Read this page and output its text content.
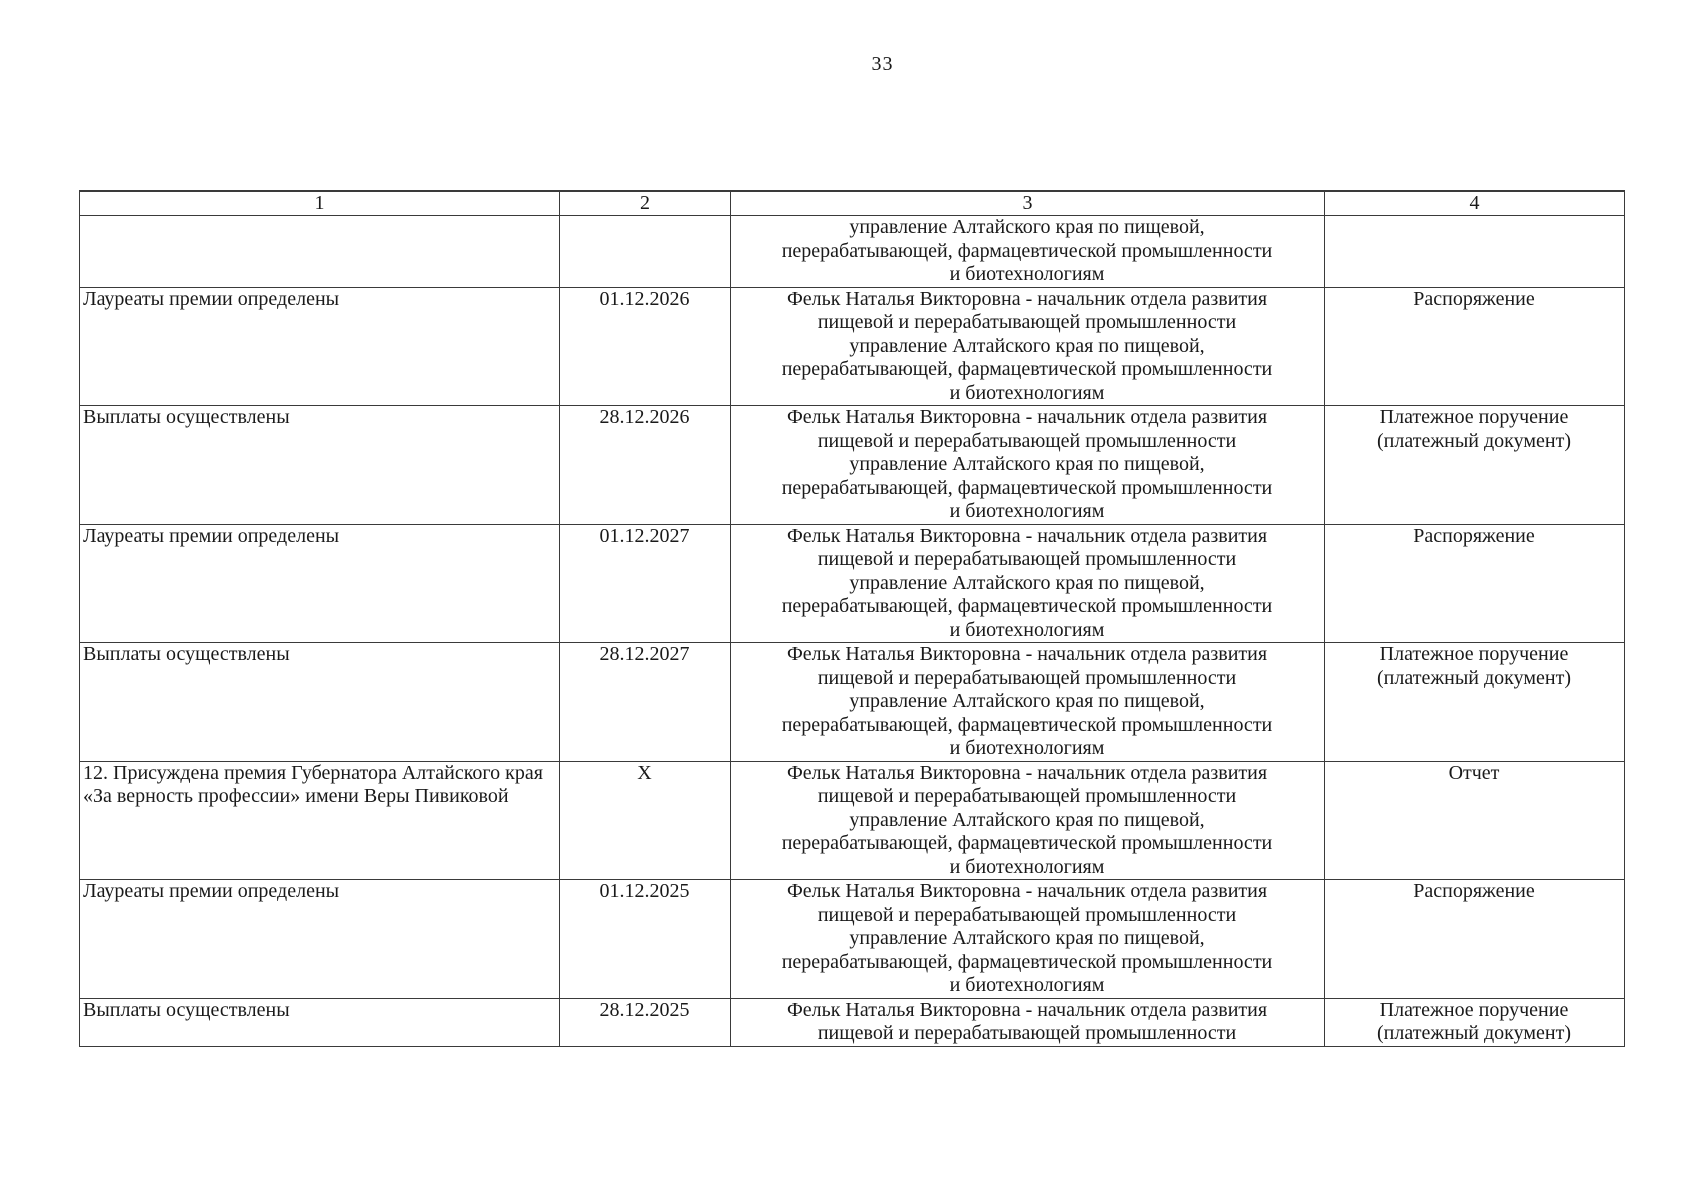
33
1	2	3	4

		управление Алтайского края по пищевой,
перерабатывающей, фармацевтической промышленности
и биотехнологиям	

Лауреаты премии определены	01.12.2026	Фельк Наталья Викторовна - начальник отдела развития
пищевой и перерабатывающей промышленности
управление Алтайского края по пищевой,
перерабатывающей, фармацевтической промышленности
и биотехнологиям	Распоряжение
Выплаты осуществлены	28.12.2026	Фельк Наталья Викторовна - начальник отдела развития
пищевой и перерабатывающей промышленности
управление Алтайского края по пищевой,
перерабатывающей, фармацевтической промышленности
и биотехнологиям	Платежное поручение (платежный документ)
Лауреаты премии определены	01.12.2027	Фельк Наталья Викторовна - начальник отдела развития
пищевой и перерабатывающей промышленности
управление Алтайского края по пищевой,
перерабатывающей, фармацевтической промышленности
и биотехнологиям	Распоряжение
Выплаты осуществлены	28.12.2027	Фельк Наталья Викторовна - начальник отдела развития
пищевой и перерабатывающей промышленности
управление Алтайского края по пищевой,
перерабатывающей, фармацевтической промышленности
и биотехнологиям	Платежное поручение (платежный документ)
12. Присуждена премия Губернатора Алтайского края «За верность профессии» имени Веры Пивиковой	X	Фельк Наталья Викторовна - начальник отдела развития
пищевой и перерабатывающей промышленности
управление Алтайского края по пищевой,
перерабатывающей, фармацевтической промышленности
и биотехнологиям	Отчет
Лауреаты премии определены	01.12.2025	Фельк Наталья Викторовна - начальник отдела развития
пищевой и перерабатывающей промышленности
управление Алтайского края по пищевой,
перерабатывающей, фармацевтической промышленности
и биотехнологиям	Распоряжение
Выплаты осуществлены	28.12.2025	Фельк Наталья Викторовна - начальник отдела развития
пищевой и перерабатывающей промышленности	Платежное поручение (платежный документ)
